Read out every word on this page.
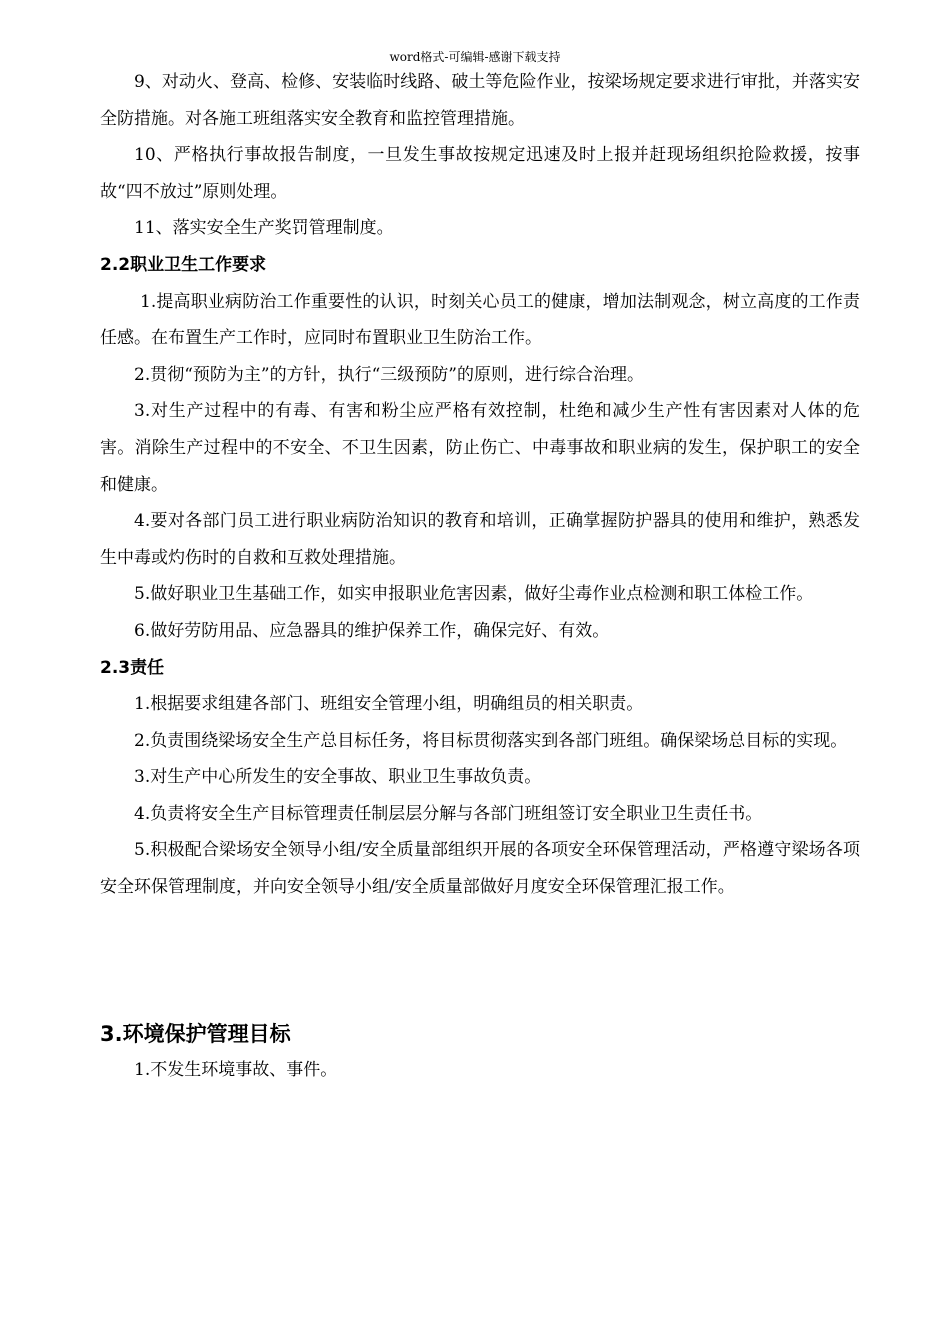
word格式-可编辑-感谢下载支持

9、对动火、登高、检修、安装临时线路、破土等危险作业，按梁场规定要求进行审批，并落实安全防措施。对各施工班组落实安全教育和监控管理措施。

10、严格执行事故报告制度，一旦发生事故按规定迅速及时上报并赶现场组织抢险救援，按事故“四不放过”原则处理。

11、落实安全生产奖罚管理制度。

2.2职业卫生工作要求

1.提高职业病防治工作重要性的认识，时刻关心员工的健康，增加法制观念，树立高度的工作责任感。在布置生产工作时，应同时布置职业卫生防治工作。

2.贯彻“预防为主”的方针，执行“三级预防”的原则，进行综合治理。

3.对生产过程中的有毒、有害和粉尘应严格有效控制，杜绝和减少生产性有害因素对人体的危害。消除生产过程中的不安全、不卫生因素，防止伤亡、中毒事故和职业病的发生，保护职工的安全和健康。

4.要对各部门员工进行职业病防治知识的教育和培训，正确掌握防护器具的使用和维护，熟悉发生中毒或灼伤时的自救和互救处理措施。

5.做好职业卫生基础工作，如实申报职业危害因素，做好尘毒作业点检测和职工体检工作。

6.做好劳防用品、应急器具的维护保养工作，确保完好、有效。

2.3责任

1.根据要求组建各部门、班组安全管理小组，明确组员的相关职责。

2.负责围绕梁场安全生产总目标任务，将目标贯彻落实到各部门班组。确保梁场总目标的实现。

3.对生产中心所发生的安全事故、职业卫生事故负责。

4.负责将安全生产目标管理责任制层层分解与各部门班组签订安全职业卫生责任书。

5.积极配合梁场安全领导小组/安全质量部组织开展的各项安全环保管理活动，严格遵守梁场各项安全环保管理制度，并向安全领导小组/安全质量部做好月度安全环保管理汇报工作。

3.环境保护管理目标

1.不发生环境事故、事件。
